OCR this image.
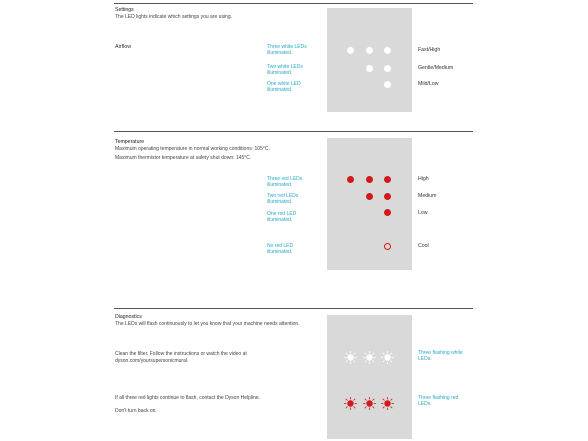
Settings
The LED lights indicate which settings you are using.
Airflow	Three white LEDs illuminated.
Two white LEDs illuminated.
One white LED illuminated.
Fast/High
Gentle/Medium
Mild/Low
Temperature
Maximum operating temperature in normal working conditions: 105°C.
Maximum thermistor temperature at safety shut down: 145°C.
Three red LEDs illuminated.
Two red LEDs illuminated.
One red LED illuminated.
No red LED illuminated.
High
Medium
Low
Cool
Diagnostics
The LEDs will flash continuously to let you know that your machine needs attention.
Clean the filter. Follow the instructions or watch the video at
dyson.com/yoursupersonicmural.
If all three red lights continue to flash, contact the Dyson Helpline.
Don't turn back on.
Three flashing white LEDs.
Three flashing red LEDs.
